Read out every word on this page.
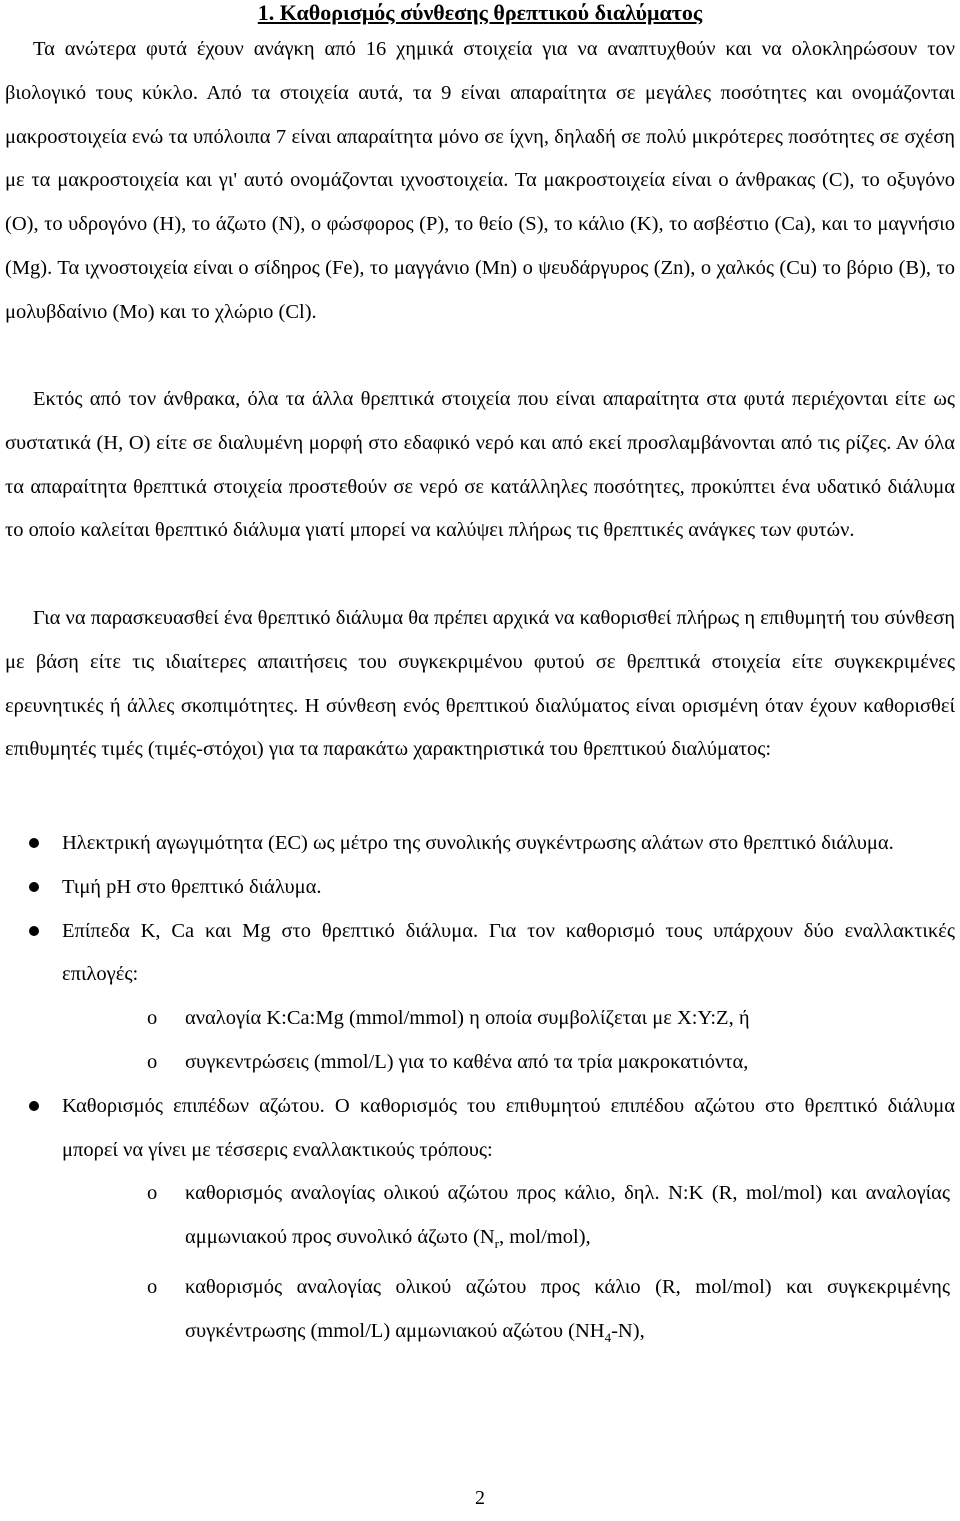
1. Καθορισμός σύνθεσης θρεπτικού διαλύματος

Τα ανώτερα φυτά έχουν ανάγκη από 16 χημικά στοιχεία για να αναπτυχθούν και να ολοκληρώσουν τον βιολογικό τους κύκλο. Από τα στοιχεία αυτά, τα 9 είναι απαραίτητα σε μεγάλες ποσότητες και ονομάζονται μακροστοιχεία ενώ τα υπόλοιπα 7 είναι απαραίτητα μόνο σε ίχνη, δηλαδή σε πολύ μικρότερες ποσότητες σε σχέση με τα μακροστοιχεία και γι' αυτό ονομάζονται ιχνοστοιχεία. Τα μακροστοιχεία είναι ο άνθρακας (C), το οξυγόνο (O), το υδρογόνο (H), το άζωτο (N), ο φώσφορος (P), το θείο (S), το κάλιο (K), το ασβέστιο (Ca), και το μαγνήσιο (Mg). Τα ιχνοστοιχεία είναι ο σίδηρος (Fe), το μαγγάνιο (Mn) ο ψευδάργυρος (Zn), ο χαλκός (Cu) το βόριο (B), το μολυβδαίνιο (Mo) και το χλώριο (Cl).

Εκτός από τον άνθρακα, όλα τα άλλα θρεπτικά στοιχεία που είναι απαραίτητα στα φυτά περιέχονται είτε ως συστατικά (H, O) είτε σε διαλυμένη μορφή στο εδαφικό νερό και από εκεί προσλαμβάνονται από τις ρίζες. Αν όλα τα απαραίτητα θρεπτικά στοιχεία προστεθούν σε νερό σε κατάλληλες ποσότητες, προκύπτει ένα υδατικό διάλυμα το οποίο καλείται θρεπτικό διάλυμα γιατί μπορεί να καλύψει πλήρως τις θρεπτικές ανάγκες των φυτών.

Για να παρασκευασθεί ένα θρεπτικό διάλυμα θα πρέπει αρχικά να καθορισθεί πλήρως η επιθυμητή του σύνθεση με βάση είτε τις ιδιαίτερες απαιτήσεις του συγκεκριμένου φυτού σε θρεπτικά στοιχεία είτε συγκεκριμένες ερευνητικές ή άλλες σκοπιμότητες. Η σύνθεση ενός θρεπτικού διαλύματος είναι ορισμένη όταν έχουν καθορισθεί επιθυμητές τιμές (τιμές-στόχοι) για τα παρακάτω χαρακτηριστικά του θρεπτικού διαλύματος:

Ηλεκτρική αγωγιμότητα (EC) ως μέτρο της συνολικής συγκέντρωσης αλάτων στο θρεπτικό διάλυμα.
Τιμή pH στο θρεπτικό διάλυμα.
Επίπεδα K, Ca και Mg στο θρεπτικό διάλυμα. Για τον καθορισμό τους υπάρχουν δύο εναλλακτικές επιλογές:
o αναλογία K:Ca:Mg (mmol/mmol) η οποία συμβολίζεται με X:Y:Z, ή
o συγκεντρώσεις (mmol/L) για το καθένα από τα τρία μακροκατιόντα,
Καθορισμός επιπέδων αζώτου. Ο καθορισμός του επιθυμητού επιπέδου αζώτου στο θρεπτικό διάλυμα μπορεί να γίνει με τέσσερις εναλλακτικούς τρόπους:
o καθορισμός αναλογίας ολικού αζώτου προς κάλιο, δηλ. N:K (R, mol/mol) και αναλογίας αμμωνιακού προς συνολικό άζωτο ($N_r$, mol/mol),
o καθορισμός αναλογίας ολικού αζώτου προς κάλιο (R, mol/mol) και συγκεκριμένης συγκέντρωσης (mmol/L) αμμωνιακού αζώτου $(NH_4-N)$,
2
